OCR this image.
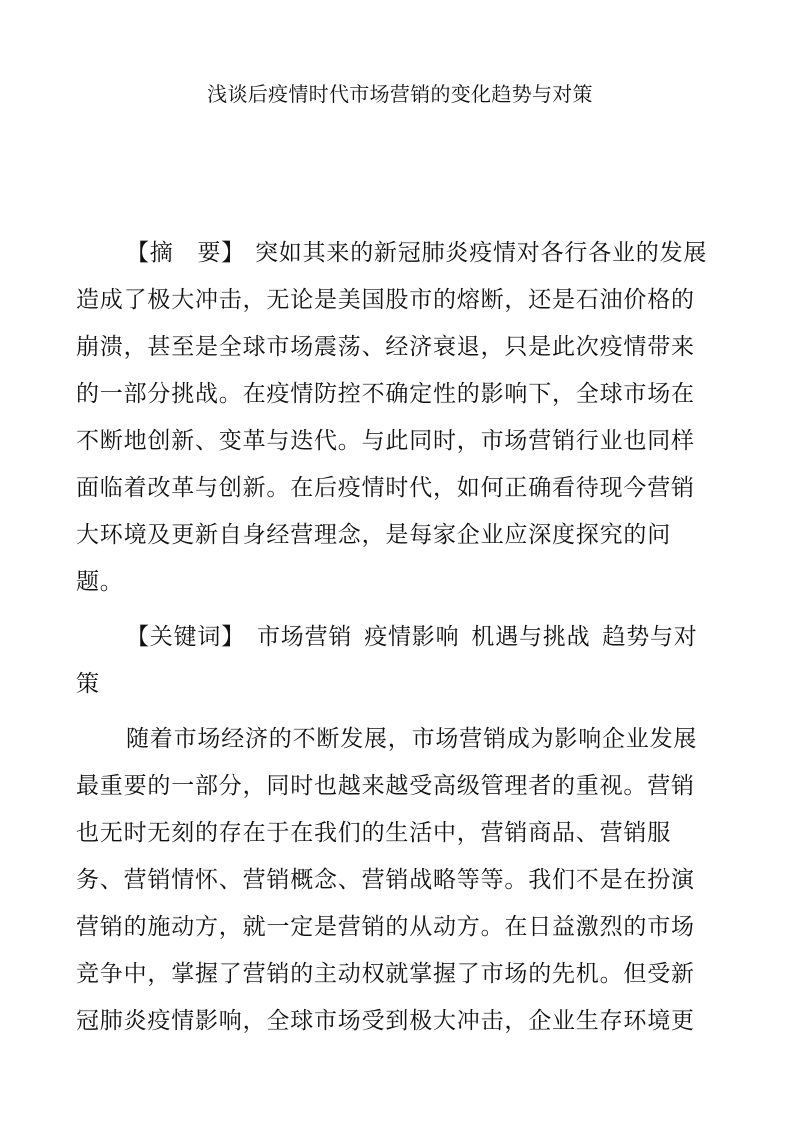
浅谈后疫情时代市场营销的变化趋势与对策
【摘　要】 突如其来的新冠肺炎疫情对各行各业的发展
造成了极大冲击，无论是美国股市的熔断，还是石油价格的
崩溃，甚至是全球市场震荡、经济衰退，只是此次疫情带来
的一部分挑战。在疫情防控不确定性的影响下，全球市场在
不断地创新、变革与迭代。与此同时，市场营销行业也同样
面临着改革与创新。在后疫情时代，如何正确看待现今营销
大环境及更新自身经营理念，是每家企业应深度探究的问
题。
【关键词】 市场营销 疫情影响 机遇与挑战 趋势与对
策
随着市场经济的不断发展，市场营销成为影响企业发展
最重要的一部分，同时也越来越受高级管理者的重视。营销
也无时无刻的存在于在我们的生活中，营销商品、营销服
务、营销情怀、营销概念、营销战略等等。我们不是在扮演
营销的施动方，就一定是营销的从动方。在日益激烈的市场
竞争中，掌握了营销的主动权就掌握了市场的先机。但受新
冠肺炎疫情影响，全球市场受到极大冲击，企业生存环境更
